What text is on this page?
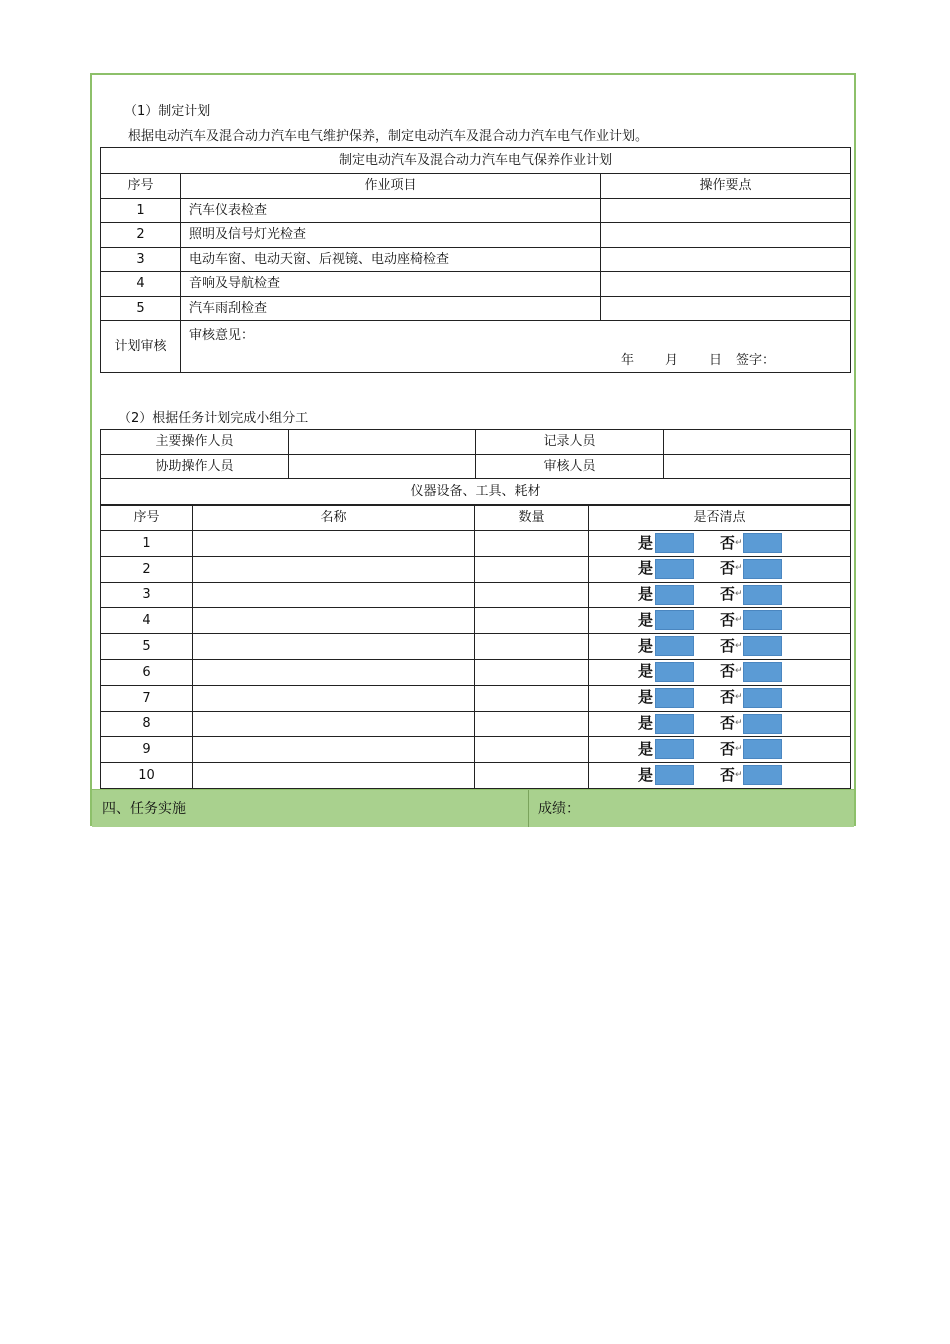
（1）制定计划
根据电动汽车及混合动力汽车电气维护保养，制定电动汽车及混合动力汽车电气作业计划。
制定电动汽车及混合动力汽车电气保养作业计划		
序号	作业项目	操作要点
1	汽车仪表检查	
2	照明及信号灯光检查	
3	电动车窗、电动天窗、后视镜、电动座椅检查	
4	音响及导航检查	
5	汽车雨刮检查	
计划审核	审核意见：
年 月 日 签字：	
（2）根据任务计划完成小组分工
主要操作人员		记录人员	
协助操作人员		审核人员	
仪器设备、工具、耗材			
序号	名称	数量	是否清点
1			是 否 ↵

2			是 否 ↵

3			是 否 ↵

4			是 否 ↵

5			是 否 ↵

6			是 否 ↵

7			是 否 ↵

8			是 否 ↵

9			是 否 ↵

10			是 否 ↵
四、任务实施	成绩：
